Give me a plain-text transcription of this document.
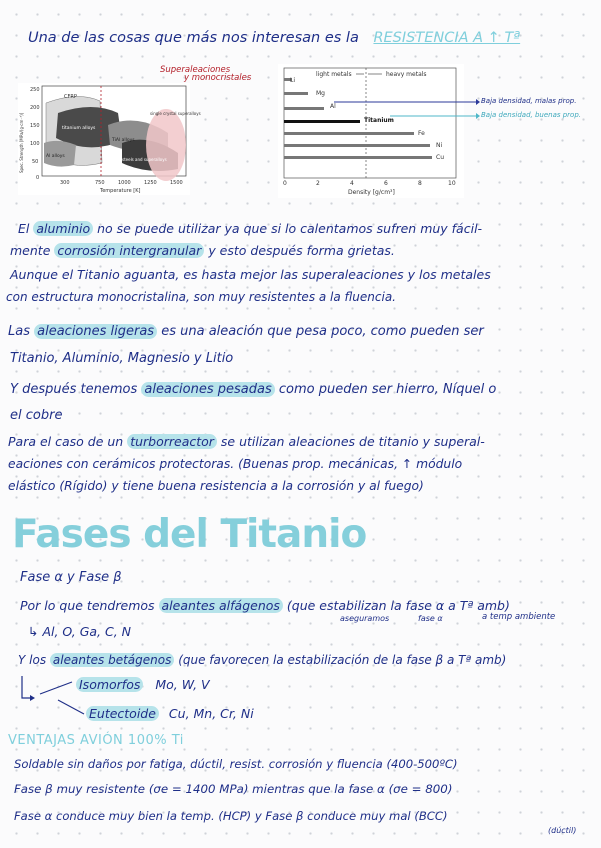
Una de las cosas que más nos interesan es la RESISTENCIA A ↑ Tª
Superaleaciones
y monocristales
CFRP
titanium alloys
TiAl alloys
Al alloys
steels and superalloys
single crystal superalloys
250
200
150
100
50
0
300	750	1000	1250	1500
Temperature [K]
Spec. Strength [MPa/(g·cm⁻³)]
light metals	heavy metals
Li
Mg
Al
Titanium
Fe
Ni
Cu
0	2	4	6	8	10
Density [g/cm³]
Baja densidad, malas prop.
Baja densidad, buenas prop.
El aluminio no se puede utilizar ya que si lo calentamos sufren muy fácil-
mente corrosión intergranular y esto después forma grietas.
Aunque el Titanio aguanta, es hasta mejor las superaleaciones y los metales
con estructura monocristalina, son muy resistentes a la fluencia.
Las aleaciones ligeras es una aleación que pesa poco, como pueden ser
Titanio, Aluminio, Magnesio y Litio
Y después tenemos aleaciones pesadas como pueden ser hierro, Níquel o
el cobre
Para el caso de un turborreactor se utilizan aleaciones de titanio y superal-
eaciones con cerámicos protectoras. (Buenas prop. mecánicas, ↑ módulo
elástico (Rígido) y tiene buena resistencia a la corrosión y al fuego)
Fases del Titanio
Fase α y Fase β
Por lo que tendremos aleantes alfágenos (que estabilizan la fase α a Tª amb)
aseguramos	fase α	a temp ambiente
↳ Al, O, Ga, C, N
Y los aleantes betágenos (que favorecen la estabilización de la fase β a Tª amb)
Isomorfos Mo, W, V
Eutectoide Cu, Mn, Cr, Ni
VENTAJAS AVIÓN 100% Ti
Soldable sin daños por fatiga, dúctil, resist. corrosión y fluencia (400-500ºC)
Fase β muy resistente (σe = 1400 MPa) mientras que la fase α (σe = 800)
Fase α conduce muy bien la temp. (HCP) y Fase β conduce muy mal (BCC)
(dúctil)
